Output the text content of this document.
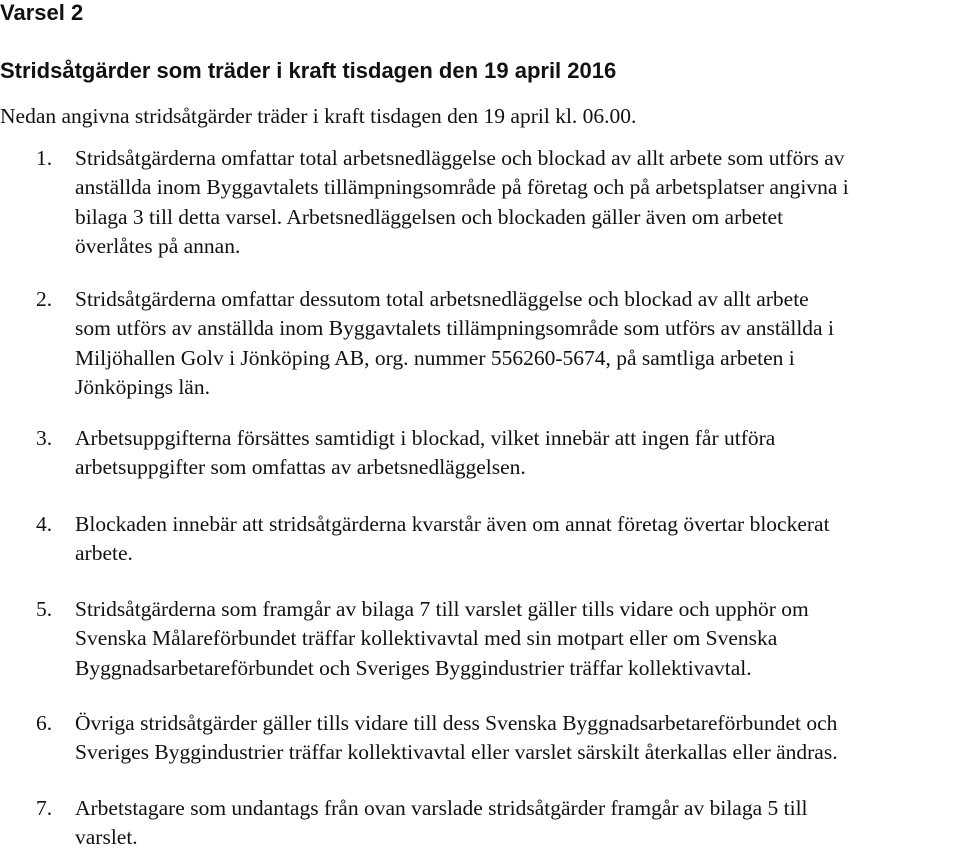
Varsel 2
Stridsåtgärder som träder i kraft tisdagen den 19 april 2016
Nedan angivna stridsåtgärder träder i kraft tisdagen den 19 april kl. 06.00.
1. Stridsåtgärderna omfattar total arbetsnedläggelse och blockad av allt arbete som utförs av
anställda inom Byggavtalets tillämpningsområde på företag och på arbetsplatser angivna i
bilaga 3 till detta varsel. Arbetsnedläggelsen och blockaden gäller även om arbetet
överlåtes på annan.
2. Stridsåtgärderna omfattar dessutom total arbetsnedläggelse och blockad av allt arbete
som utförs av anställda inom Byggavtalets tillämpningsområde som utförs av anställda i
Miljöhallen Golv i Jönköping AB, org. nummer 556260-5674, på samtliga arbeten i
Jönköpings län.
3. Arbetsuppgifterna försättes samtidigt i blockad, vilket innebär att ingen får utföra
arbetsuppgifter som omfattas av arbetsnedläggelsen.
4. Blockaden innebär att stridsåtgärderna kvarstår även om annat företag övertar blockerat
arbete.
5. Stridsåtgärderna som framgår av bilaga 7 till varslet gäller tills vidare och upphör om
Svenska Målareförbundet träffar kollektivavtal med sin motpart eller om Svenska
Byggnadsarbetareförbundet och Sveriges Byggindustrier träffar kollektivavtal.
6. Övriga stridsåtgärder gäller tills vidare till dess Svenska Byggnadsarbetareförbundet och
Sveriges Byggindustrier träffar kollektivavtal eller varslet särskilt återkallas eller ändras.
7. Arbetstagare som undantags från ovan varslade stridsåtgärder framgår av bilaga 5 till
varslet.
